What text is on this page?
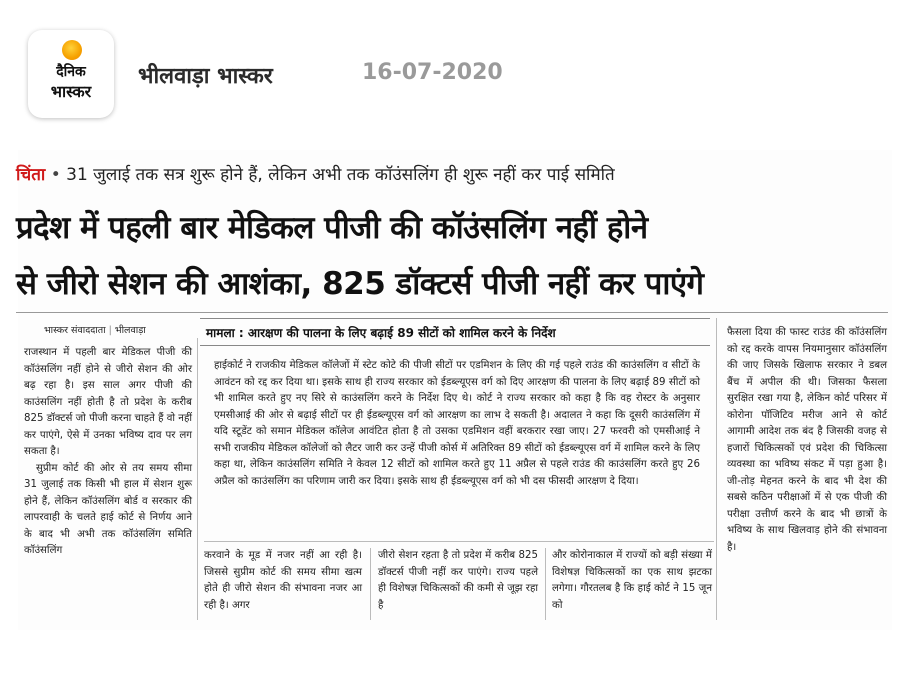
दैनिक
भास्कर
भीलवाड़ा भास्कर	16-07-2020
चिंता • 31 जुलाई तक सत्र शुरू होने हैं, लेकिन अभी तक कॉउंसलिंग ही शुरू नहीं कर पाई समिति
प्रदेश में पहली बार मेडिकल पीजी की कॉउंसलिंग नहीं होने
से जीरो सेशन की आशंका, 825 डॉक्टर्स पीजी नहीं कर पाएंगे
भास्कर संवाददाता | भीलवाड़ा	मामला : आरक्षण की पालना के लिए बढ़ाई 89 सीटों को शामिल करने के निर्देश

राजस्थान में पहली बार मेडिकल पीजी की कॉउंसलिंग नहीं होने से जीरो सेशन की ओर बढ़ रहा है। इस साल अगर पीजी की काउंसलिंग नहीं होती है तो प्रदेश के करीब 825 डॉक्टर्स जो पीजी करना चाहते हैं वो नहीं कर पाएंगे, ऐसे में उनका भविष्य दाव पर लग सकता है।

सुप्रीम कोर्ट की ओर से तय समय सीमा 31 जुलाई तक किसी भी हाल में सेशन शुरू होने हैं, लेकिन कॉउंसलिंग बोर्ड व सरकार की लापरवाही के चलते हाई कोर्ट से निर्णय आने के बाद भी अभी तक कॉउंसलिंग समिति कॉउंसलिंग

हाईकोर्ट ने राजकीय मेडिकल कॉलेजों में स्टेट कोटे की पीजी सीटों पर एडमिशन के लिए की गई पहले राउंड की काउंसलिंग व सीटों के आवंटन को रद्द कर दिया था। इसके साथ ही राज्य सरकार को ईडब्ल्यूएस वर्ग को दिए आरक्षण की पालना के लिए बढ़ाई 89 सीटों को भी शामिल करते हुए नए सिरे से काउंसलिंग करने के निर्देश दिए थे। कोर्ट ने राज्य सरकार को कहा है कि वह रोस्टर के अनुसार एमसीआई की ओर से बढ़ाई सीटों पर ही ईडब्ल्यूएस वर्ग को आरक्षण का लाभ दे सकती है। अदालत ने कहा कि दूसरी काउंसलिंग में यदि स्टूडेंट को समान मेडिकल कॉलेज आवंटित होता है तो उसका एडमिशन वहीं बरकरार रखा जाए। 27 फरवरी को एमसीआई ने सभी राजकीय मेडिकल कॉलेजों को लैटर जारी कर उन्हें पीजी कोर्स में अतिरिक्त 89 सीटों को ईडब्ल्यूएस वर्ग में शामिल करने के लिए कहा था, लेकिन काउंसलिंग समिति ने केवल 12 सीटों को शामिल करते हुए 11 अप्रैल से पहले राउंड की काउंसलिंग करते हुए 26 अप्रैल को काउंसलिंग का परिणाम जारी कर दिया। इसके साथ ही ईडब्ल्यूएस वर्ग को भी दस फीसदी आरक्षण दे दिया।
करवाने के मूड में नजर नहीं आ रही है। जिससे सुप्रीम कोर्ट की समय सीमा खत्म होते ही जीरो सेशन की संभावना नजर आ रही है। अगर
जीरो सेशन रहता है तो प्रदेश में करीब 825 डॉक्टर्स पीजी नहीं कर पाएंगे। राज्य पहले ही विशेषज्ञ चिकित्सकों की कमी से जूझ रहा है
और कोरोनाकाल में राज्यों को बड़ी संख्या में विशेषज्ञ चिकित्सकों का एक साथ झटका लगेगा। गौरतलब है कि हाई कोर्ट ने 15 जून को
फैसला दिया की फास्ट राउंड की कॉउंसलिंग को रद्द करके वापस नियमानुसार कॉउंसलिंग की जाए जिसके खिलाफ सरकार ने डबल बैंच में अपील की थी। जिसका फैसला सुरक्षित रखा गया है, लेकिन कोर्ट परिसर में कोरोना पॉजिटिव मरीज आने से कोर्ट आगामी आदेश तक बंद है जिसकी वजह से हजारों चिकित्सकों एवं प्रदेश की चिकित्सा व्यवस्था का भविष्य संकट में पड़ा हुआ है। जी-तोड़ मेहनत करने के बाद भी देश की सबसे कठिन परीक्षाओं में से एक पीजी की परीक्षा उत्तीर्ण करने के बाद भी छात्रों के भविष्य के साथ खिलवाड़ होने की संभावना है।
